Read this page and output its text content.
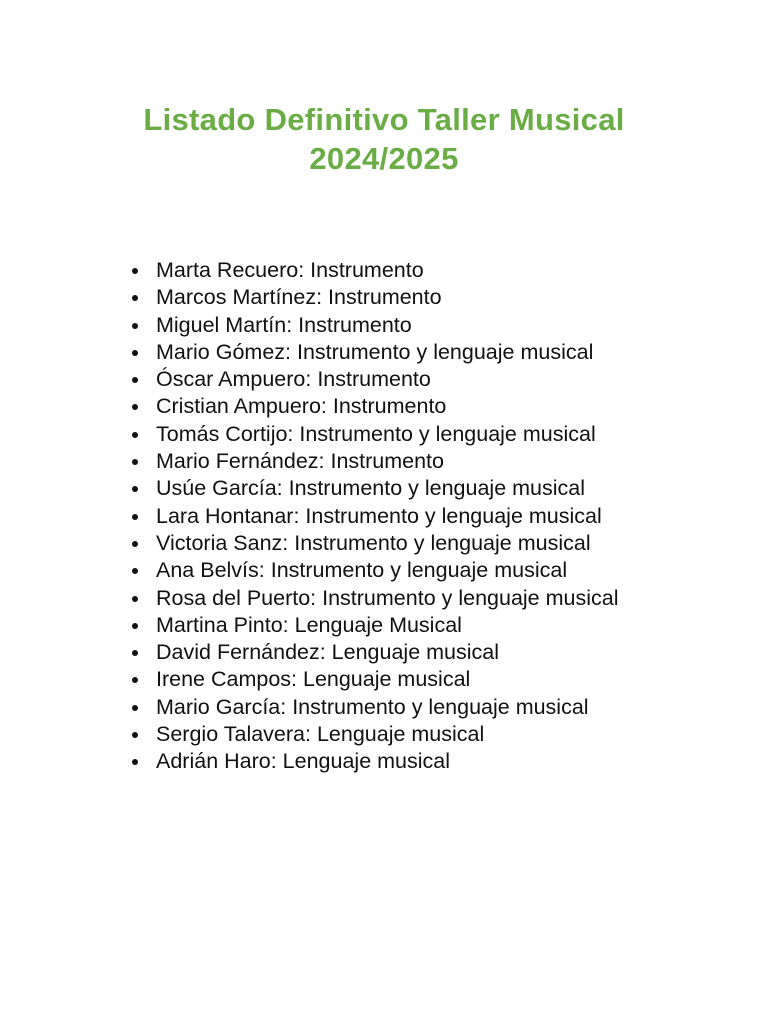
Listado Definitivo Taller Musical
2024/2025
Marta Recuero: Instrumento
Marcos Martínez: Instrumento
Miguel Martín: Instrumento
Mario Gómez: Instrumento y lenguaje musical
Óscar Ampuero: Instrumento
Cristian Ampuero: Instrumento
Tomás Cortijo: Instrumento y lenguaje musical
Mario Fernández: Instrumento
Usúe García: Instrumento y lenguaje musical
Lara Hontanar: Instrumento y lenguaje musical
Victoria Sanz: Instrumento y lenguaje musical
Ana Belvís: Instrumento y lenguaje musical
Rosa del Puerto: Instrumento y lenguaje musical
Martina Pinto: Lenguaje Musical
David Fernández: Lenguaje musical
Irene Campos: Lenguaje musical
Mario García: Instrumento y lenguaje musical
Sergio Talavera: Lenguaje musical
Adrián Haro: Lenguaje musical
